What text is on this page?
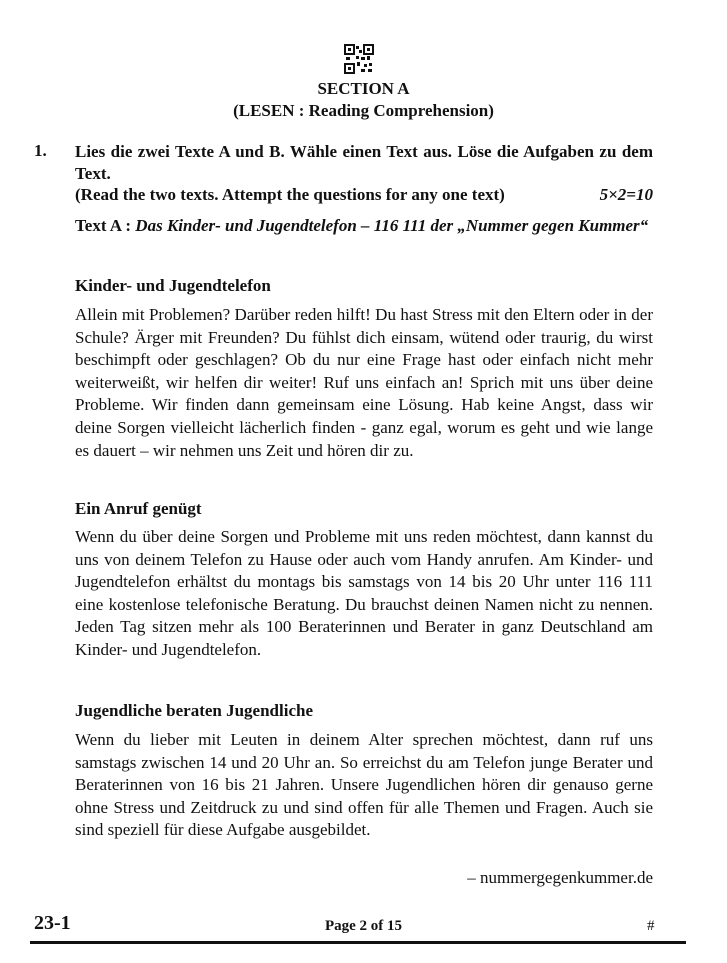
SECTION A
(LESEN : Reading Comprehension)
1. Lies die zwei Texte A und B. Wähle einen Text aus. Löse die Aufgaben zu dem Text.
(Read the two texts. Attempt the questions for any one text)	5×2=10
Text A : Das Kinder- und Jugendtelefon – 116 111 der „Nummer gegen Kummer“
Kinder- und Jugendtelefon
Allein mit Problemen? Darüber reden hilft! Du hast Stress mit den Eltern oder in der Schule? Ärger mit Freunden? Du fühlst dich einsam, wütend oder traurig, du wirst beschimpft oder geschlagen? Ob du nur eine Frage hast oder einfach nicht mehr weiterweißt, wir helfen dir weiter! Ruf uns einfach an! Sprich mit uns über deine Probleme. Wir finden dann gemeinsam eine Lösung. Hab keine Angst, dass wir deine Sorgen vielleicht lächerlich finden - ganz egal, worum es geht und wie lange es dauert – wir nehmen uns Zeit und hören dir zu.
Ein Anruf genügt
Wenn du über deine Sorgen und Probleme mit uns reden möchtest, dann kannst du uns von deinem Telefon zu Hause oder auch vom Handy anrufen. Am Kinder- und Jugendtelefon erhältst du montags bis samstags von 14 bis 20 Uhr unter 116 111 eine kostenlose telefonische Beratung. Du brauchst deinen Namen nicht zu nennen. Jeden Tag sitzen mehr als 100 Beraterinnen und Berater in ganz Deutschland am Kinder- und Jugendtelefon.
Jugendliche beraten Jugendliche
Wenn du lieber mit Leuten in deinem Alter sprechen möchtest, dann ruf uns samstags zwischen 14 und 20 Uhr an. So erreichst du am Telefon junge Berater und Beraterinnen von 16 bis 21 Jahren. Unsere Jugendlichen hören dir genauso gerne ohne Stress und Zeitdruck zu und sind offen für alle Themen und Fragen. Auch sie sind speziell für diese Aufgabe ausgebildet.
– nummergegenkummer.de
23-1	Page 2 of 15	#
